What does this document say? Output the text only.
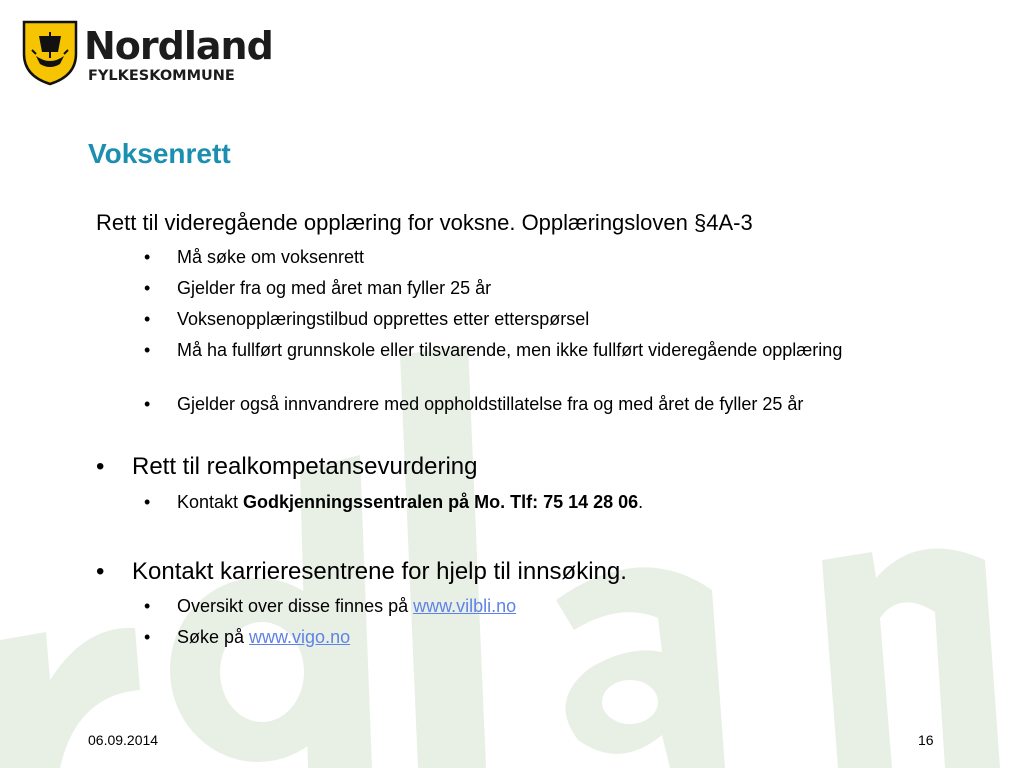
Nordland
FYLKESKOMMUNE
Voksenrett
Rett til videregående opplæring for voksne. Opplæringsloven §4A-3
• Må søke om voksenrett
• Gjelder fra og med året man fyller 25 år
• Voksenopplæringstilbud opprettes etter etterspørsel
• Må ha fullført grunnskole eller tilsvarende, men ikke fullført videregående opplæring
• Gjelder også innvandrere med oppholdstillatelse fra og med året de fyller 25 år
• Rett til realkompetansevurdering
• Kontakt Godkjenningssentralen på Mo. Tlf: 75 14 28 06.
• Kontakt karrieresentrene for hjelp til innsøking.
• Oversikt over disse finnes på www.vilbli.no
• Søke på www.vigo.no
06.09.2014	16
